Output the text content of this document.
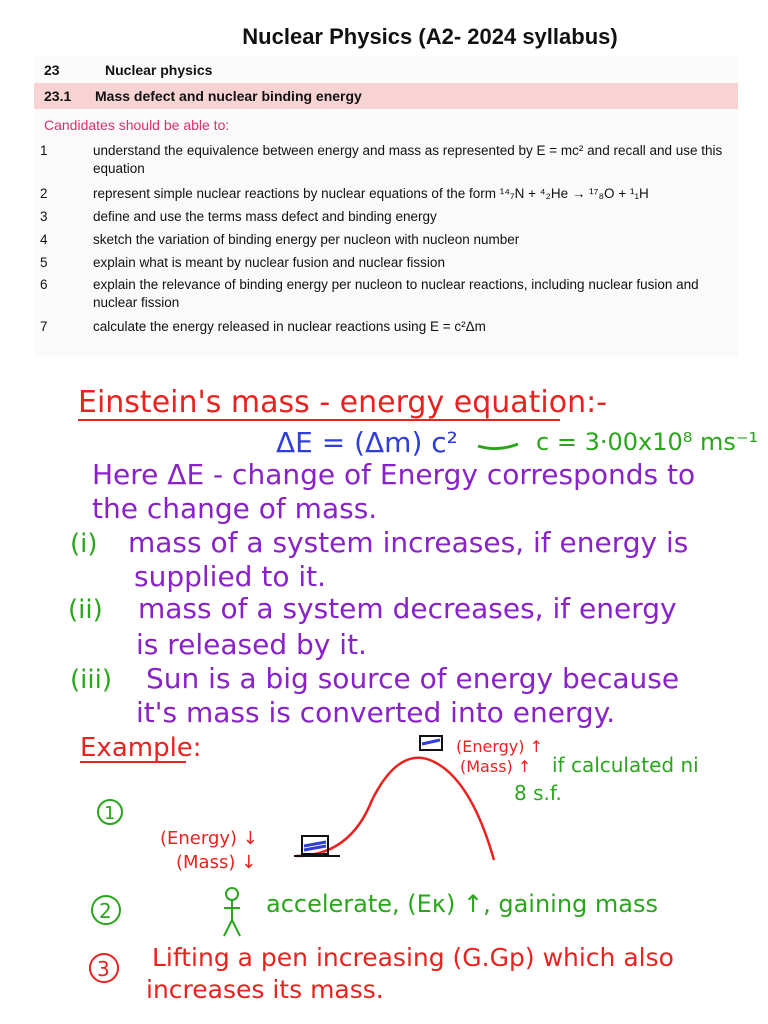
Nuclear Physics (A2- 2024 syllabus)
23	Nuclear physics
23.1 Mass defect and nuclear binding energy
Candidates should be able to:
1	understand the equivalence between energy and mass as represented by E = mc² and recall and use this equation
2	represent simple nuclear reactions by nuclear equations of the form ¹⁴₇N + ⁴₂He → ¹⁷₈O + ¹₁H
3	define and use the terms mass defect and binding energy
4	sketch the variation of binding energy per nucleon with nucleon number
5	explain what is meant by nuclear fusion and nuclear fission
6	explain the relevance of binding energy per nucleon to nuclear reactions, including nuclear fusion and nuclear fission
7	calculate the energy released in nuclear reactions using E = c²Δm
Einstein's mass - energy equation:-
ΔE = (Δm) c²	c = 3·00x10⁸ ms⁻¹
Here ΔE - change of Energy corresponds to
the change of mass.
(i) mass of a system increases, if energy is
supplied to it.
(ii) mass of a system decreases, if energy
is released by it.
(iii) Sun is a big source of energy because
it's mass is converted into energy.
Example:	(Energy) ↑
(Mass) ↑ if calculated ni
8 s.f.
1
(Energy) ↓
(Mass) ↓
2	accelerate, (Eκ) ↑, gaining mass
3 Lifting a pen increasing (G.Gp) which also
increases its mass.
